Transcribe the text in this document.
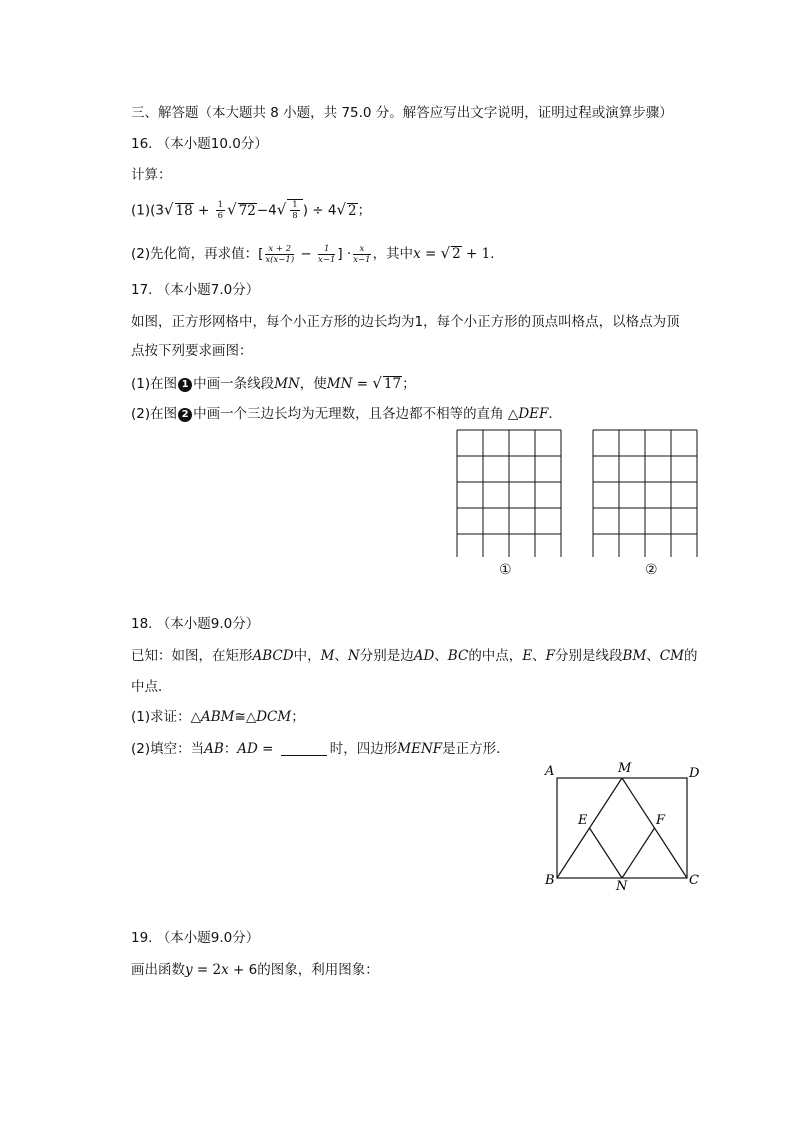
三、解答题（本大题共 8 小题，共 75.0 分。解答应写出文字说明，证明过程或演算步骤）
16. （本小题10.0分）
计算：
(1)(3√ $18 + \frac{1}{6}$ √ $72-4√ \frac{1}{8}$ ) ÷ 4√ 2；
(2)先化简，再求值：[ $\frac{x + 2}{x(x-1)} - \frac{1}{x-1}$ ] · $\frac{x}{x-1}$ ，其中x = √ 2 + 1．
17. （本小题7.0分）
如图，正方形网格中，每个小正方形的边长均为1，每个小正方形的顶点叫格点，以格点为顶
点按下列要求画图：
(1)在图 1 中画一条线段MN，使MN = √ 17；
(2)在图 2 中画一个三边长均为无理数，且各边都不相等的直角 △DEF．
①	②
18. （本小题9.0分）
已知：如图，在矩形ABCD中，M、N分别是边AD、BC的中点，E、F分别是线段BM、CM的
中点．
(1)求证：△ABM≅△DCM；
(2)填空：当AB：AD =	时，四边形MENF是正方形．
A	M	D
E	F
B	N	C
19. （本小题9.0分）
画出函数y = 2x + 6的图象，利用图象：
